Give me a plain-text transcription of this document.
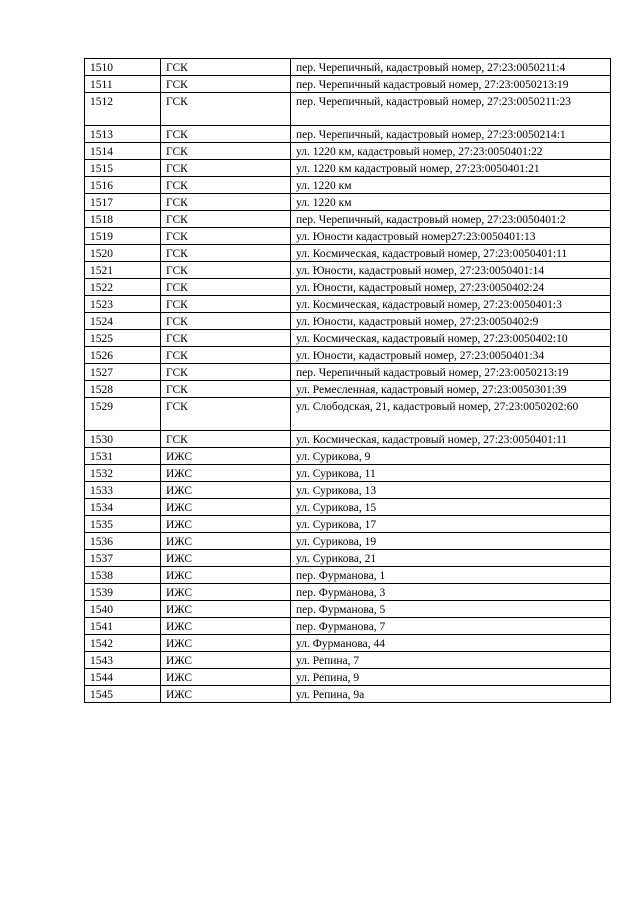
1510	ГСК	пер. Черепичный, кадастровый номер, 27:23:0050211:4
1511	ГСК	пер. Черепичный кадастровый номер, 27:23:0050213:19
1512	ГСК	пер. Черепичный, кадастровый номер, 27:23:0050211:23
1513	ГСК	пер. Черепичный, кадастровый номер, 27:23:0050214:1
1514	ГСК	ул. 1220 км, кадастровый номер, 27:23:0050401:22
1515	ГСК	ул. 1220 км кадастровый номер, 27:23:0050401:21
1516	ГСК	ул. 1220 км
1517	ГСК	ул. 1220 км
1518	ГСК	пер. Черепичный, кадастровый номер, 27:23:0050401:2
1519	ГСК	ул. Юности кадастровый номер27:23:0050401:13
1520	ГСК	ул. Космическая, кадастровый номер, 27:23:0050401:11
1521	ГСК	ул. Юности, кадастровый номер, 27:23:0050401:14
1522	ГСК	ул. Юности, кадастровый номер, 27:23:0050402:24
1523	ГСК	ул. Космическая, кадастровый номер, 27:23:0050401:3
1524	ГСК	ул. Юности, кадастровый номер, 27:23:0050402:9
1525	ГСК	ул. Космическая, кадастровый номер, 27:23:0050402:10
1526	ГСК	ул. Юности, кадастровый номер, 27:23:0050401:34
1527	ГСК	пер. Черепичный кадастровый номер, 27:23:0050213:19
1528	ГСК	ул. Ремесленная, кадастровый номер, 27:23:0050301:39
1529	ГСК	ул. Слободская, 21, кадастровый номер, 27:23:0050202:60
1530	ГСК	ул. Космическая, кадастровый номер, 27:23:0050401:11
1531	ИЖС	ул. Сурикова, 9
1532	ИЖС	ул. Сурикова, 11
1533	ИЖС	ул. Сурикова, 13
1534	ИЖС	ул. Сурикова, 15
1535	ИЖС	ул. Сурикова, 17
1536	ИЖС	ул. Сурикова, 19
1537	ИЖС	ул. Сурикова, 21
1538	ИЖС	пер. Фурманова, 1
1539	ИЖС	пер. Фурманова, 3
1540	ИЖС	пер. Фурманова, 5
1541	ИЖС	пер. Фурманова, 7
1542	ИЖС	ул. Фурманова, 44
1543	ИЖС	ул. Репина, 7
1544	ИЖС	ул. Репина, 9
1545	ИЖС	ул. Репина, 9а
